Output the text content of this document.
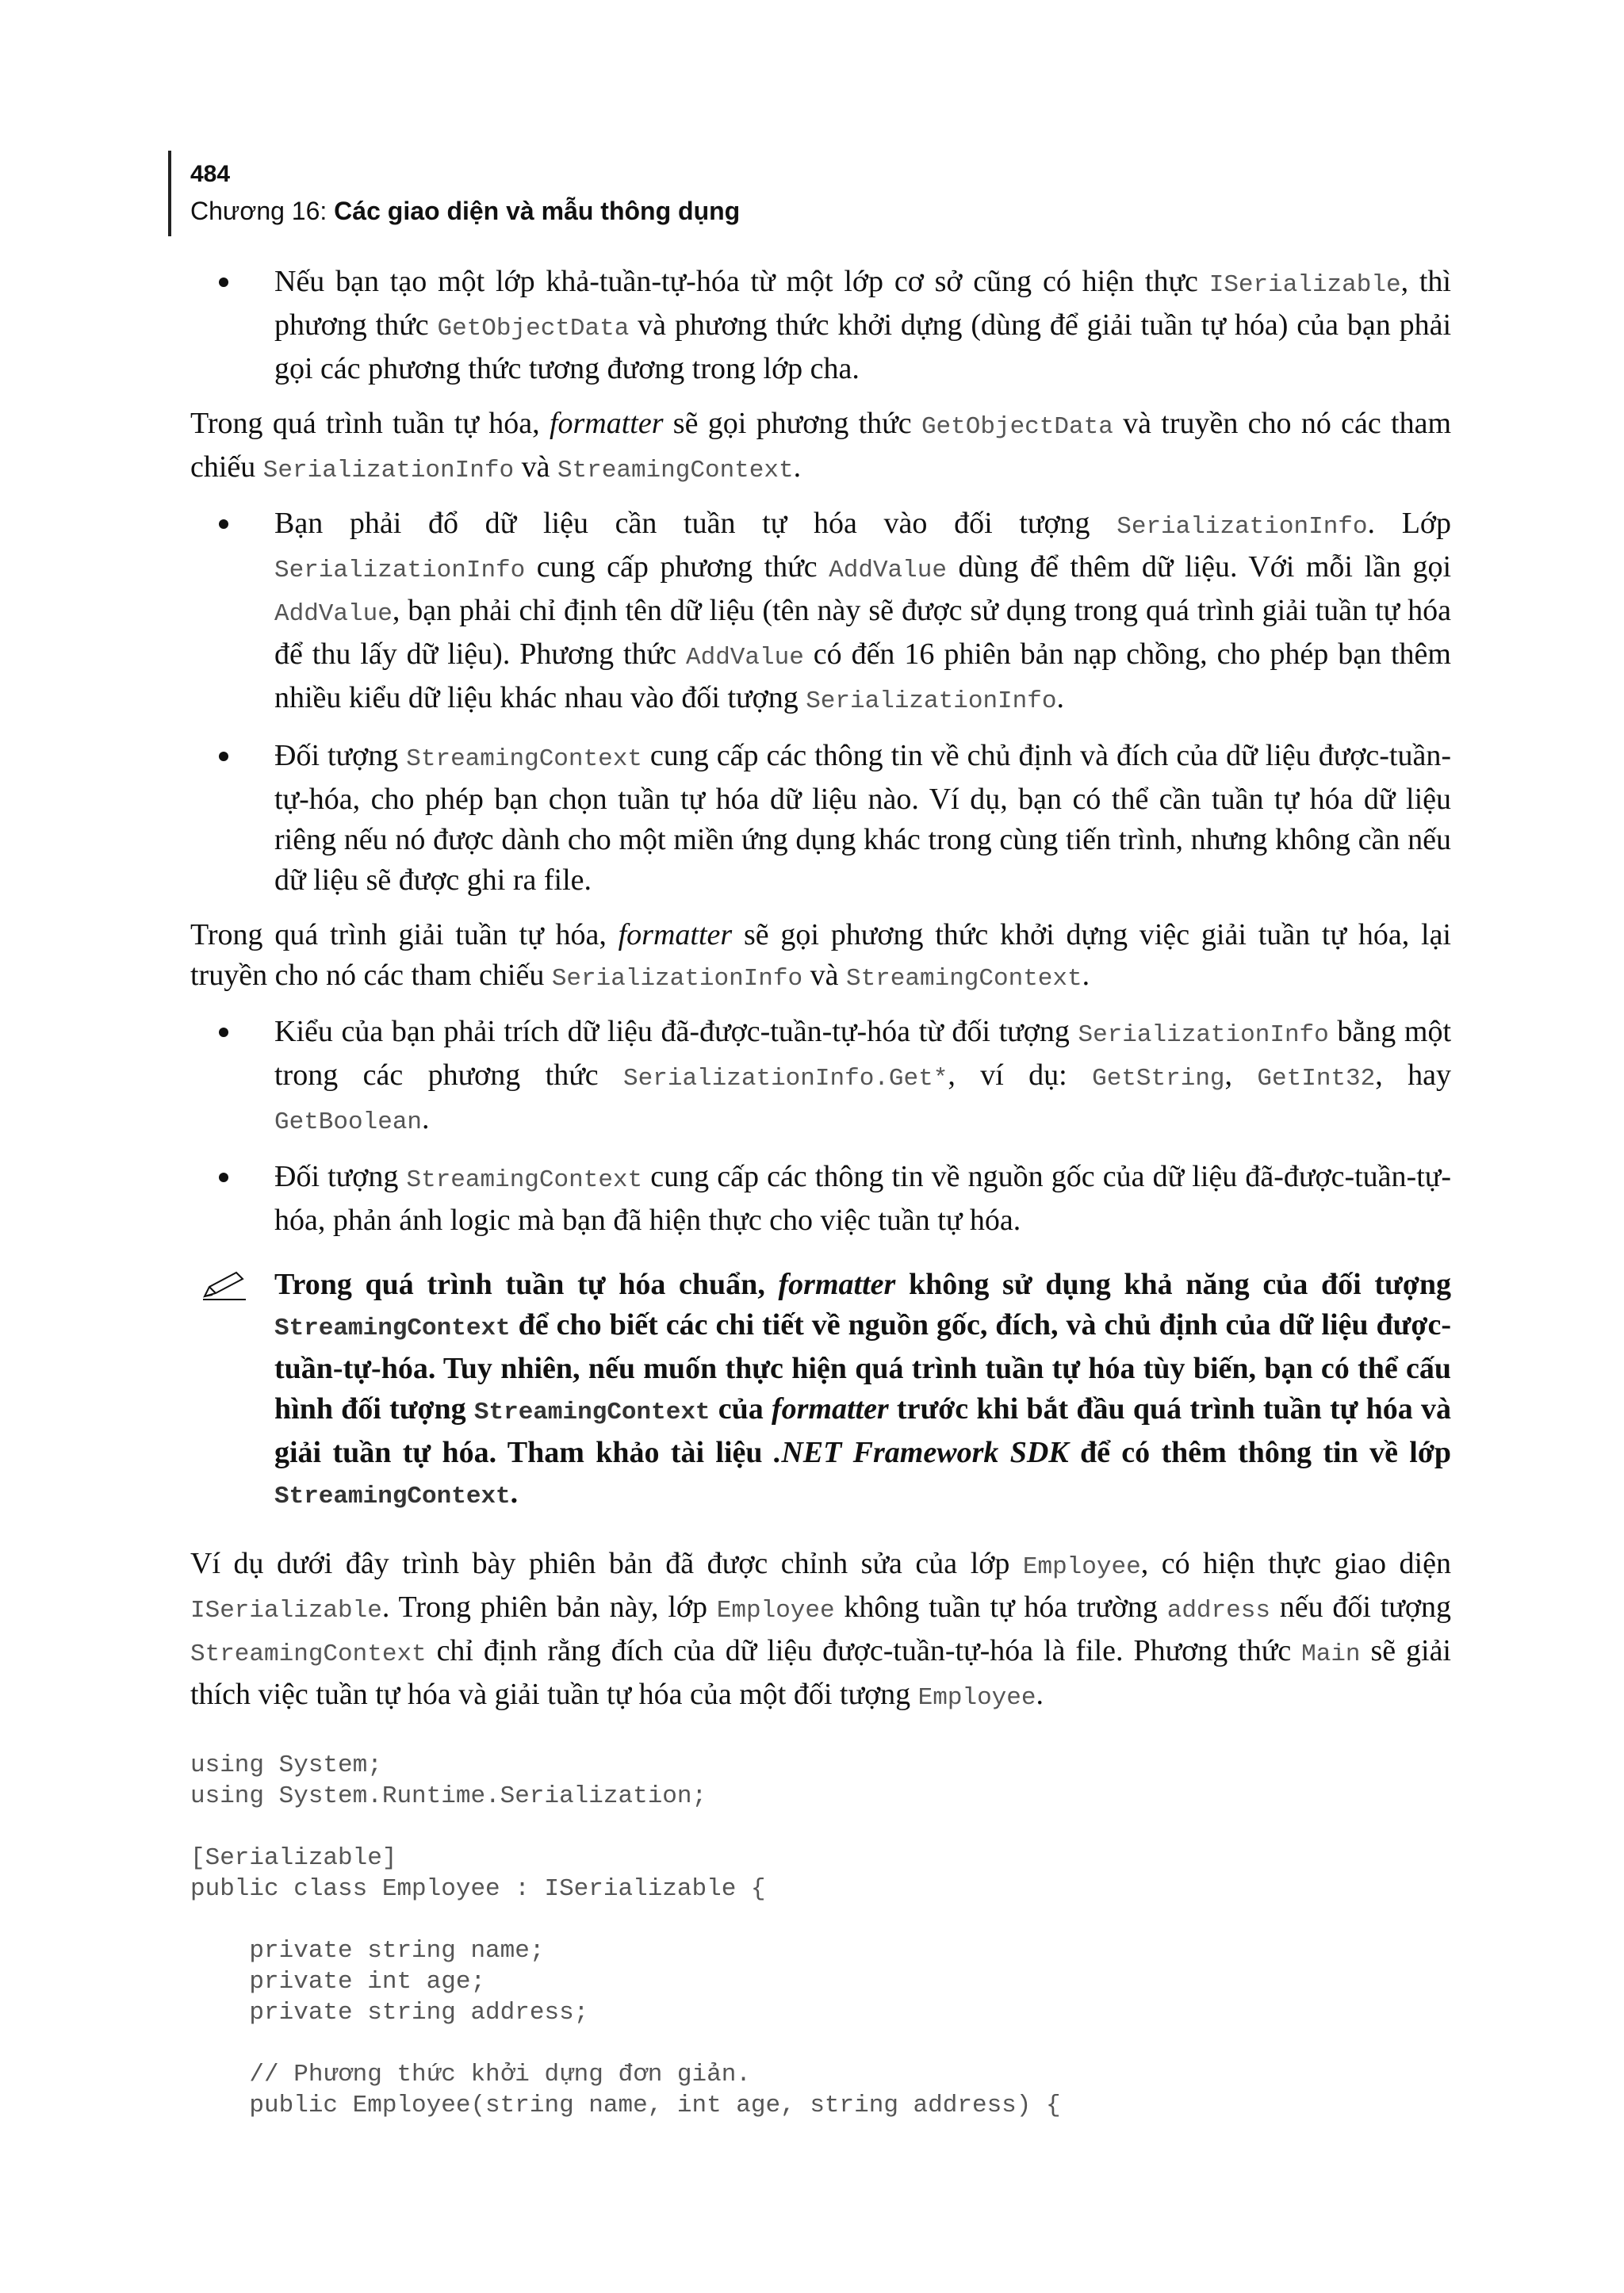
484
Chương 16: Các giao diện và mẫu thông dụng
Nếu bạn tạo một lớp khả-tuần-tự-hóa từ một lớp cơ sở cũng có hiện thực ISerializable, thì phương thức GetObjectData và phương thức khởi dựng (dùng để giải tuần tự hóa) của bạn phải gọi các phương thức tương đương trong lớp cha.

Trong quá trình tuần tự hóa, formatter sẽ gọi phương thức GetObjectData và truyền cho nó các tham chiếu SerializationInfo và StreamingContext.

Bạn phải đổ dữ liệu cần tuần tự hóa vào đối tượng SerializationInfo. Lớp SerializationInfo cung cấp phương thức AddValue dùng để thêm dữ liệu. Với mỗi lần gọi AddValue, bạn phải chỉ định tên dữ liệu (tên này sẽ được sử dụng trong quá trình giải tuần tự hóa để thu lấy dữ liệu). Phương thức AddValue có đến 16 phiên bản nạp chồng, cho phép bạn thêm nhiều kiểu dữ liệu khác nhau vào đối tượng SerializationInfo.
Đối tượng StreamingContext cung cấp các thông tin về chủ định và đích của dữ liệu được-tuần-tự-hóa, cho phép bạn chọn tuần tự hóa dữ liệu nào. Ví dụ, bạn có thể cần tuần tự hóa dữ liệu riêng nếu nó được dành cho một miền ứng dụng khác trong cùng tiến trình, nhưng không cần nếu dữ liệu sẽ được ghi ra file.

Trong quá trình giải tuần tự hóa, formatter sẽ gọi phương thức khởi dựng việc giải tuần tự hóa, lại truyền cho nó các tham chiếu SerializationInfo và StreamingContext.

Kiểu của bạn phải trích dữ liệu đã-được-tuần-tự-hóa từ đối tượng SerializationInfo bằng một trong các phương thức SerializationInfo.Get*, ví dụ: GetString, GetInt32, hay GetBoolean.
Đối tượng StreamingContext cung cấp các thông tin về nguồn gốc của dữ liệu đã-được-tuần-tự-hóa, phản ánh logic mà bạn đã hiện thực cho việc tuần tự hóa.
Trong quá trình tuần tự hóa chuẩn, formatter không sử dụng khả năng của đối tượng StreamingContext để cho biết các chi tiết về nguồn gốc, đích, và chủ định của dữ liệu được-tuần-tự-hóa. Tuy nhiên, nếu muốn thực hiện quá trình tuần tự hóa tùy biến, bạn có thể cấu hình đối tượng StreamingContext của formatter trước khi bắt đầu quá trình tuần tự hóa và giải tuần tự hóa. Tham khảo tài liệu .NET Framework SDK để có thêm thông tin về lớp StreamingContext.

Ví dụ dưới đây trình bày phiên bản đã được chỉnh sửa của lớp Employee, có hiện thực giao diện ISerializable. Trong phiên bản này, lớp Employee không tuần tự hóa trường address nếu đối tượng StreamingContext chỉ định rằng đích của dữ liệu được-tuần-tự-hóa là file. Phương thức Main sẽ giải thích việc tuần tự hóa và giải tuần tự hóa của một đối tượng Employee.

using System;
using System.Runtime.Serialization;

[Serializable]
public class Employee : ISerializable {

private string name;
private int age;
private string address;

// Phương thức khởi dựng đơn giản.
public Employee(string name, int age, string address) {
